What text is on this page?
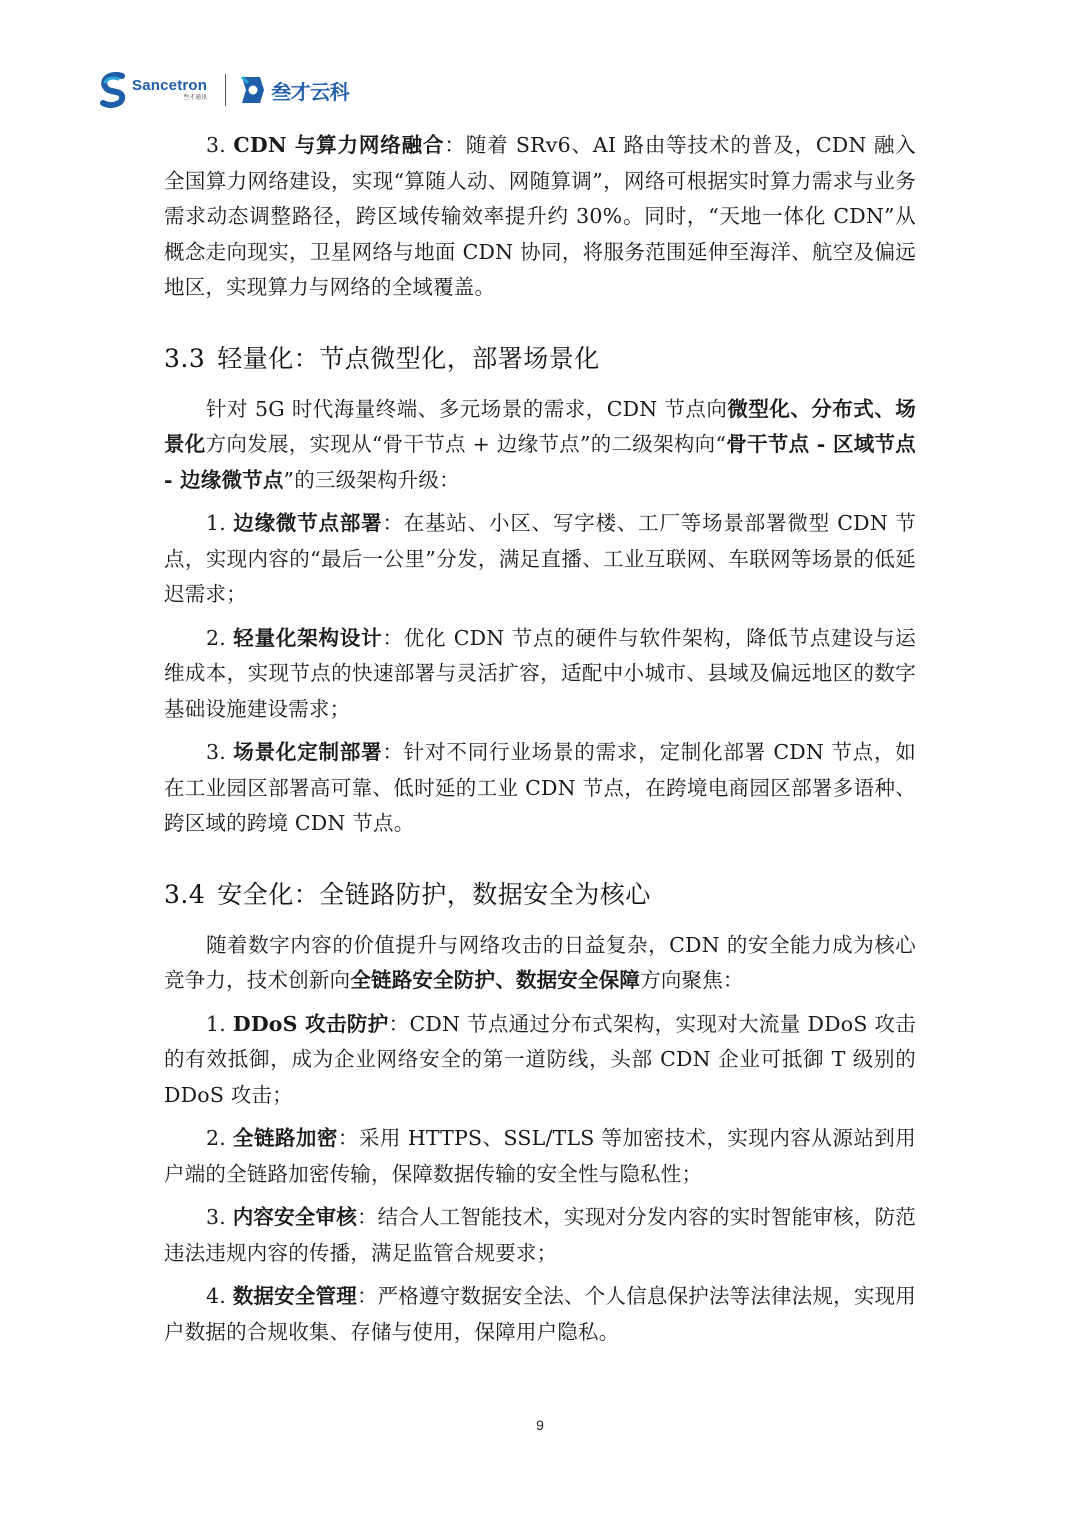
Sancetron
叁才通讯	叁才云科

3. CDN 与算力网络融合：随着 SRv6、AI 路由等技术的普及，CDN 融入全国算力网络建设，实现“算随人动、网随算调”，网络可根据实时算力需求与业务需求动态调整路径，跨区域传输效率提升约 30%。同时，“天地一体化 CDN”从概念走向现实，卫星网络与地面 CDN 协同，将服务范围延伸至海洋、航空及偏远地区，实现算力与网络的全域覆盖。

3.3 轻量化：节点微型化，部署场景化

针对 5G 时代海量终端、多元场景的需求，CDN 节点向微型化、分布式、场景化方向发展，实现从“骨干节点 + 边缘节点”的二级架构向“骨干节点 - 区域节点 - 边缘微节点”的三级架构升级：

1. 边缘微节点部署：在基站、小区、写字楼、工厂等场景部署微型 CDN 节点，实现内容的“最后一公里”分发，满足直播、工业互联网、车联网等场景的低延迟需求；

2. 轻量化架构设计：优化 CDN 节点的硬件与软件架构，降低节点建设与运维成本，实现节点的快速部署与灵活扩容，适配中小城市、县域及偏远地区的数字基础设施建设需求；

3. 场景化定制部署：针对不同行业场景的需求，定制化部署 CDN 节点，如在工业园区部署高可靠、低时延的工业 CDN 节点，在跨境电商园区部署多语种、跨区域的跨境 CDN 节点。

3.4 安全化：全链路防护，数据安全为核心

随着数字内容的价值提升与网络攻击的日益复杂，CDN 的安全能力成为核心竞争力，技术创新向全链路安全防护、数据安全保障方向聚焦：

1. DDoS 攻击防护：CDN 节点通过分布式架构，实现对大流量 DDoS 攻击的有效抵御，成为企业网络安全的第一道防线，头部 CDN 企业可抵御 T 级别的 DDoS 攻击；

2. 全链路加密：采用 HTTPS、SSL/TLS 等加密技术，实现内容从源站到用户端的全链路加密传输，保障数据传输的安全性与隐私性；

3. 内容安全审核：结合人工智能技术，实现对分发内容的实时智能审核，防范违法违规内容的传播，满足监管合规要求；

4. 数据安全管理：严格遵守数据安全法、个人信息保护法等法律法规，实现用户数据的合规收集、存储与使用，保障用户隐私。

9
